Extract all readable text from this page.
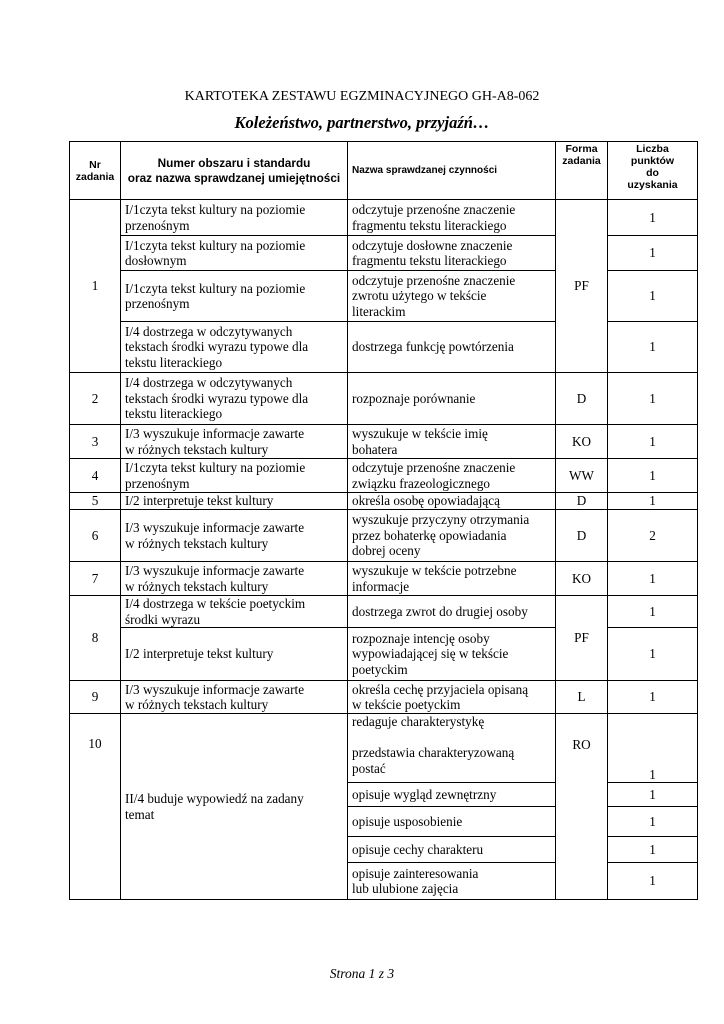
KARTOTEKA ZESTAWU EGZMINACYJNEGO GH-A8-062
Koleżeństwo, partnerstwo, przyjaźń…
Nr
zadania
Numer obszaru i standardu
oraz nazwa sprawdzanej umiejętności
Nazwa sprawdzanej czynności
Forma
zadania
Liczba
punktów
do
uzyskania
1
2
3
4
5
6
7
8
9
10
I/1czyta tekst kultury na poziomie
przenośnym
I/1czyta tekst kultury na poziomie
dosłownym
I/1czyta tekst kultury na poziomie
przenośnym
I/4 dostrzega w odczytywanych
tekstach środki wyrazu typowe dla
tekstu literackiego
I/4 dostrzega w odczytywanych
tekstach środki wyrazu typowe dla
tekstu literackiego
I/3 wyszukuje informacje zawarte
w różnych tekstach kultury
I/1czyta tekst kultury na poziomie
przenośnym
I/2 interpretuje tekst kultury
I/3 wyszukuje informacje zawarte
w różnych tekstach kultury
I/3 wyszukuje informacje zawarte
w różnych tekstach kultury
I/4 dostrzega w tekście poetyckim
środki wyrazu
I/2 interpretuje tekst kultury
I/3 wyszukuje informacje zawarte
w różnych tekstach kultury
II/4 buduje wypowiedź na zadany
temat
odczytuje przenośne znaczenie
fragmentu tekstu literackiego
odczytuje dosłowne znaczenie
fragmentu tekstu literackiego
odczytuje przenośne znaczenie
zwrotu użytego w tekście
literackim
dostrzega funkcję powtórzenia
rozpoznaje porównanie
wyszukuje w tekście imię
bohatera
odczytuje przenośne znaczenie
związku frazeologicznego
określa osobę opowiadającą
wyszukuje przyczyny otrzymania
przez bohaterkę opowiadania
dobrej oceny
wyszukuje w tekście potrzebne
informacje
dostrzega zwrot do drugiej osoby
rozpoznaje intencję osoby
wypowiadającej się w tekście
poetyckim
określa cechę przyjaciela opisaną
w tekście poetyckim
redaguje charakterystykę

przedstawia charakteryzowaną
postać
opisuje wygląd zewnętrzny
opisuje usposobienie
opisuje cechy charakteru
opisuje zainteresowania
lub ulubione zajęcia
PF
D
KO
WW
D
D
KO
PF
L
RO
1
1
1
1
1
1
1
1
2
1
1
1
1
1
1
1
1
1
Strona 1 z 3
